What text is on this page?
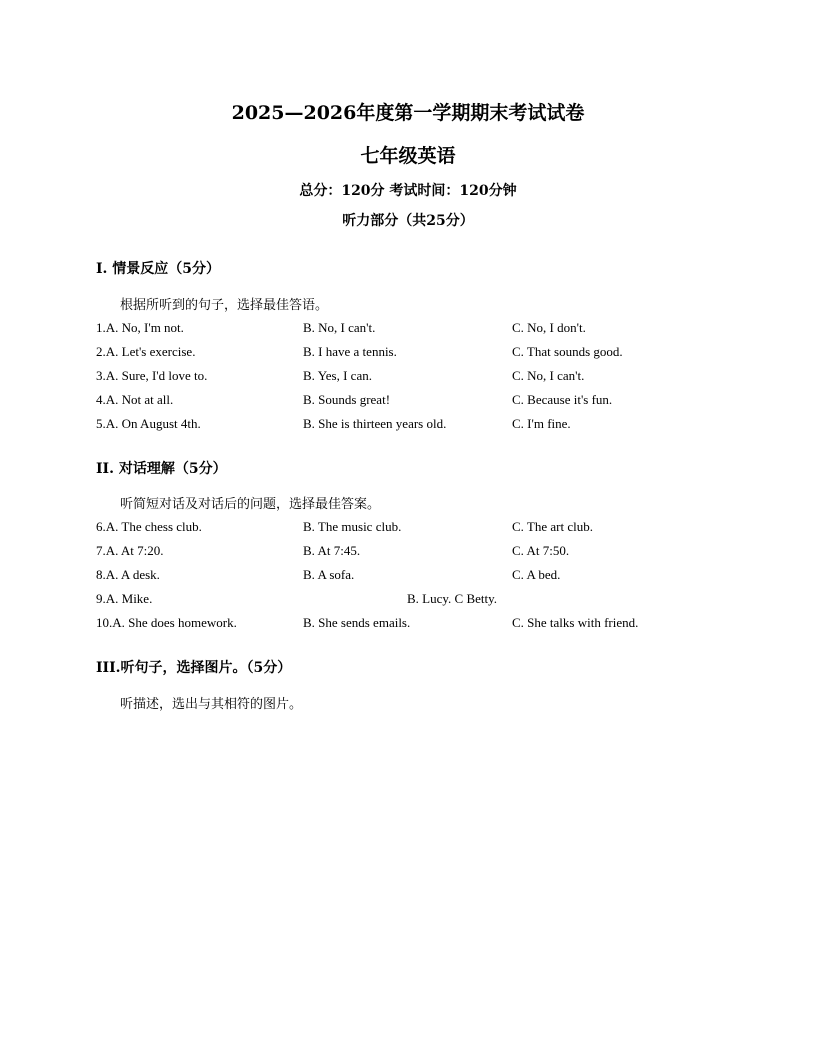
2025—2026年度第一学期期末考试试卷
七年级英语
总分：120分 考试时间：120分钟
听力部分（共25分）
I. 情景反应（5分）
根据所听到的句子，选择最佳答语。
1.A. No, I'm not.	B. No, I can't.	C. No, I don't.
2.A. Let's exercise.	B. I have a tennis.	C. That sounds good.
3.A. Sure, I'd love to.	B. Yes, I can.	C. No, I can't.
4.A. Not at all.	B. Sounds great!	C. Because it's fun.
5.A. On August 4th.	B. She is thirteen years old.	C. I'm fine.
II. 对话理解（5分）
听简短对话及对话后的问题，选择最佳答案。
6.A. The chess club.	B. The music club.	C. The art club.
7.A. At 7:20.	B. At 7:45.	C. At 7:50.
8.A. A desk.	B. A sofa.	C. A bed.
9.A. Mike.	B. Lucy. C Betty.
10.A. She does homework.	B. She sends emails.	C. She talks with friend.
III.听句子，选择图片。（5分）
听描述，选出与其相符的图片。
